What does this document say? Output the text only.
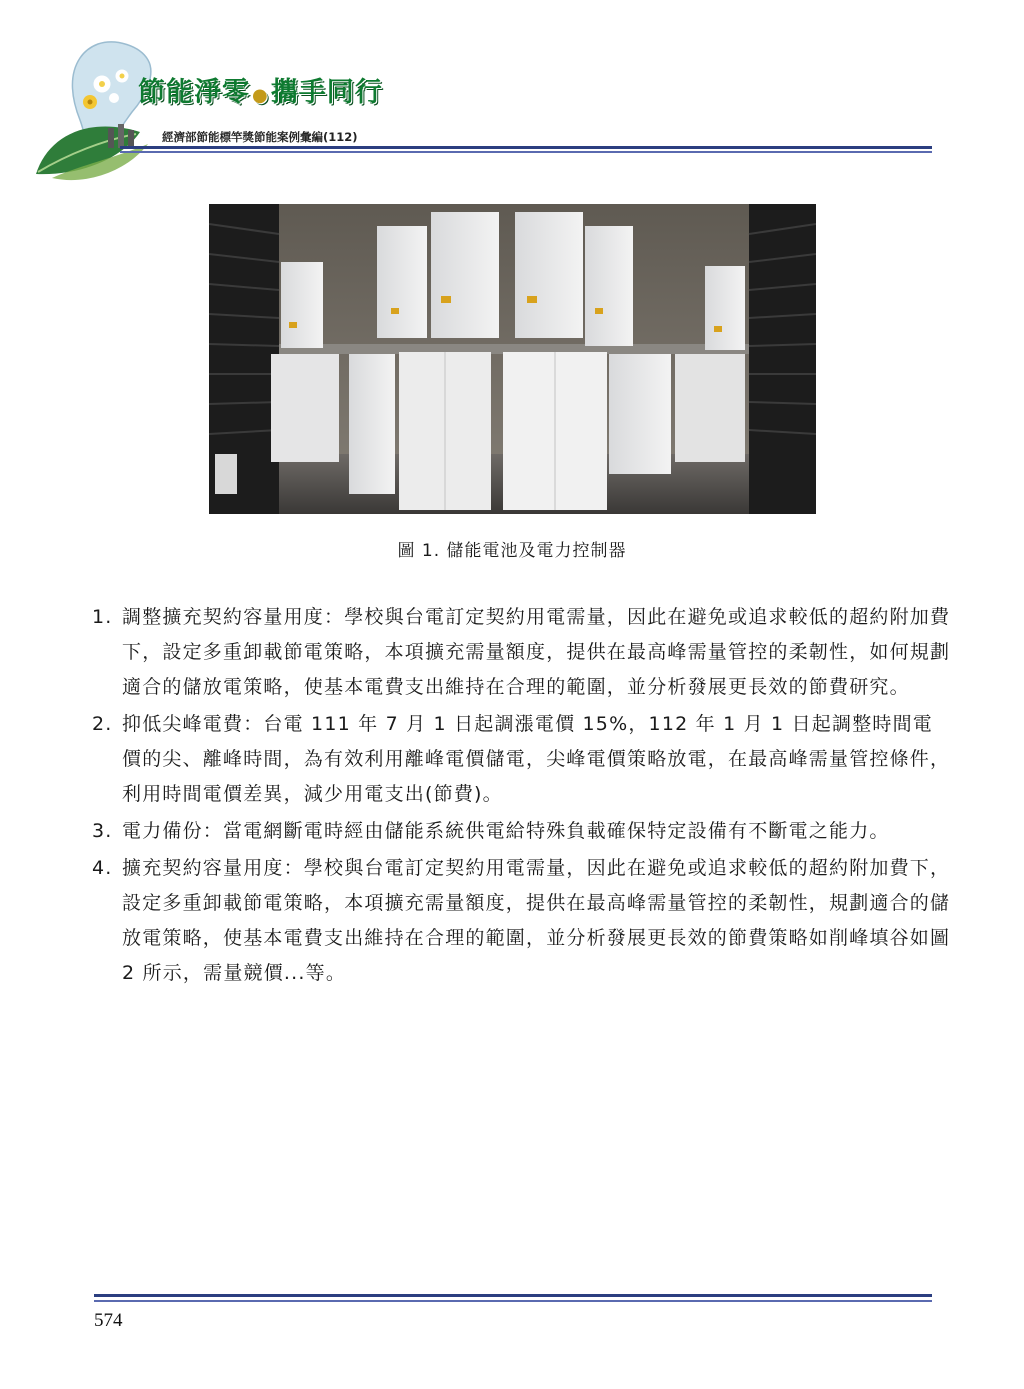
節能淨零 ●攜手同行
經濟部節能標竿獎節能案例彙編(112)
圖 1. 儲能電池及電力控制器
1. 調整擴充契約容量用度：學校與台電訂定契約用電需量，因此在避免或追求較低的超約附加費下，設定多重卸載節電策略，本項擴充需量額度，提供在最高峰需量管控的柔韌性，如何規劃適合的儲放電策略，使基本電費支出維持在合理的範圍，並分析發展更長效的節費研究。
2. 抑低尖峰電費：台電 111 年 7 月 1 日起調漲電價 15%，112 年 1 月 1 日起調整時間電價的尖、離峰時間，為有效利用離峰電價儲電，尖峰電價策略放電，在最高峰需量管控條件，利用時間電價差異，減少用電支出(節費)。
3. 電力備份：當電網斷電時經由儲能系統供電給特殊負載確保特定設備有不斷電之能力。
4. 擴充契約容量用度：學校與台電訂定契約用電需量，因此在避免或追求較低的超約附加費下，設定多重卸載節電策略，本項擴充需量額度，提供在最高峰需量管控的柔韌性，規劃適合的儲放電策略，使基本電費支出維持在合理的範圍，並分析發展更長效的節費策略如削峰填谷如圖 2 所示，需量競價...等。
574
